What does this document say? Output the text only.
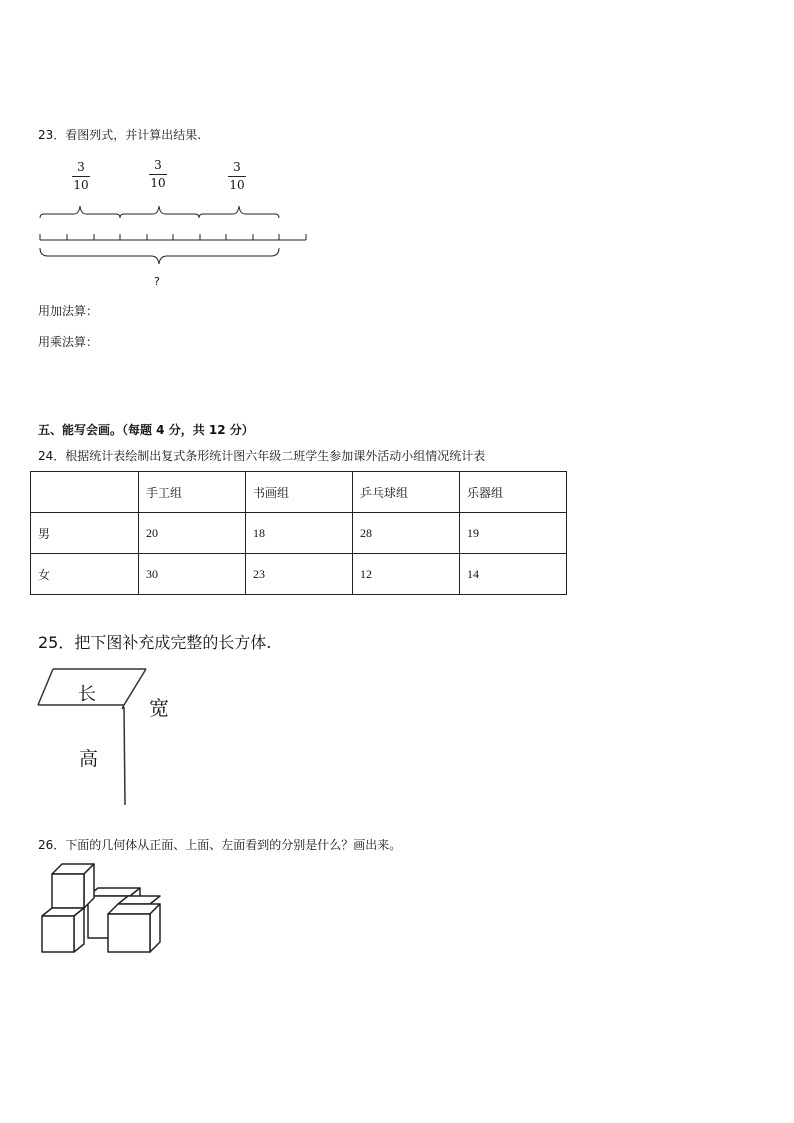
23．看图列式，并计算出结果.
3
10
3
10
3
10
?
用加法算：
用乘法算：
五、能写会画。（每题 4 分，共 12 分）
24．根据统计表绘制出复式条形统计图六年级二班学生参加课外活动小组情况统计表
	手工组	书画组	乒乓球组	乐器组
男	20	18	28	19
女	30	23	12	14
25．把下图补充成完整的长方体.
长
宽
高
26．下面的几何体从正面、上面、左面看到的分别是什么？画出来。
